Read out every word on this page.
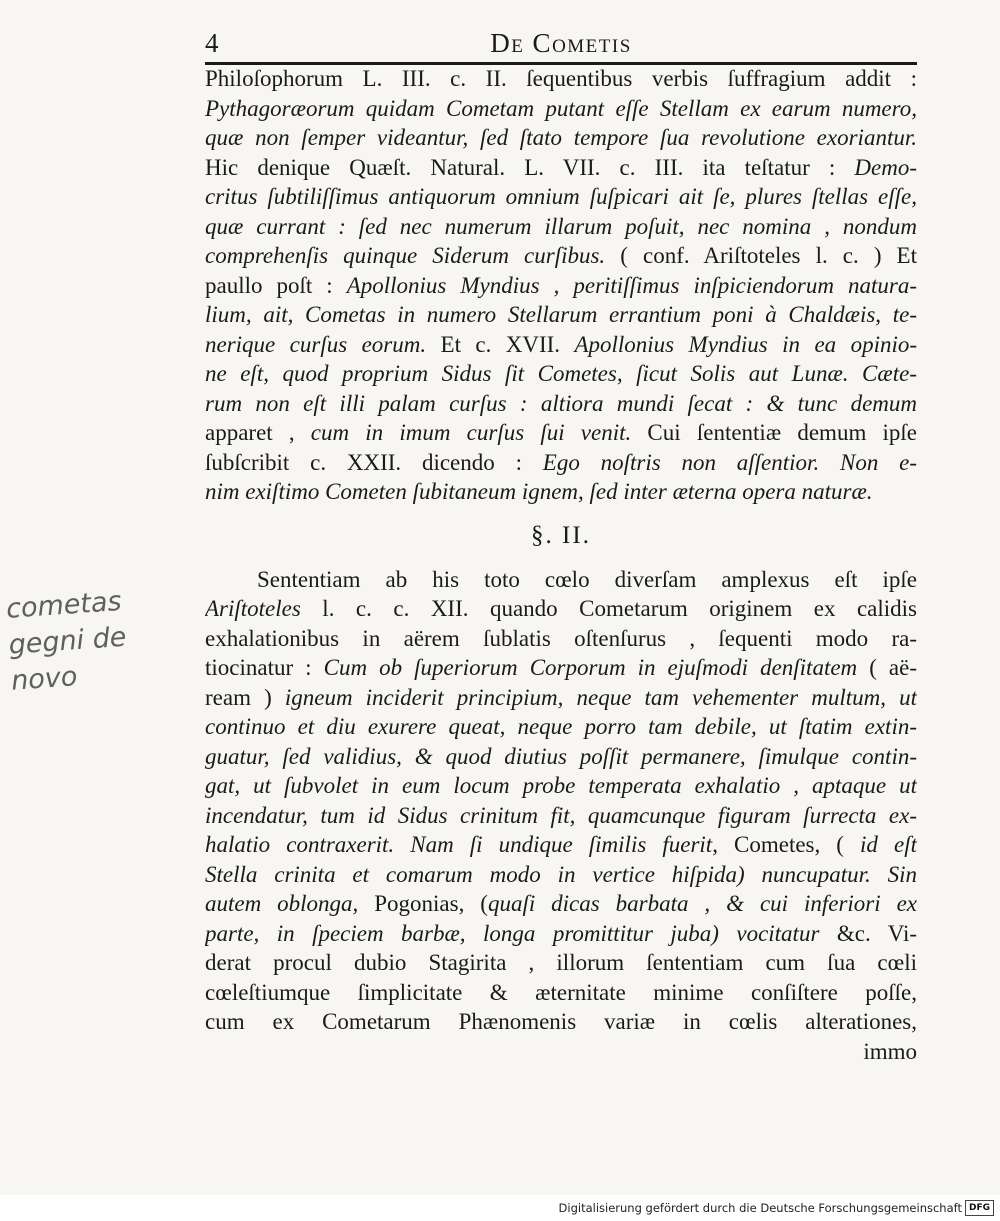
4	De Cometis
cometas gegni de novo
Philoſophorum L. III. c. II. ſequentibus verbis ſuffragium addit :
Pythagoræorum quidam Cometam putant eſſe Stellam ex earum numero,
quæ non ſemper videantur, ſed ſtato tempore ſua revolutione exoriantur.
Hic denique Quæſt. Natural. L. VII. c. III. ita teſtatur : Demo-
critus ſubtiliſſimus antiquorum omnium ſuſpicari ait ſe, plures ſtellas eſſe,
quæ currant : ſed nec numerum illarum poſuit, nec nomina , nondum
comprehenſis quinque Siderum curſibus. ( conf. Ariſtoteles l. c. ) Et
paullo poſt : Apollonius Myndius , peritiſſimus inſpiciendorum natura-
lium, ait, Cometas in numero Stellarum errantium poni à Chaldæis, te-
nerique curſus eorum. Et c. XVII. Apollonius Myndius in ea opinio-
ne eſt, quod proprium Sidus ſit Cometes, ſicut Solis aut Lunæ. Cæte-
rum non eſt illi palam curſus : altiora mundi ſecat : & tunc demum
apparet , cum in imum curſus ſui venit. Cui ſententiæ demum ipſe
ſubſcribit c. XXII. dicendo : Ego noſtris non aſſentior. Non e-
nim exiſtimo Cometen ſubitaneum ignem, ſed inter æterna opera naturæ.
§. II.
Sententiam ab his toto cœlo diverſam amplexus eſt ipſe
Ariſtoteles l. c. c. XII. quando Cometarum originem ex calidis
exhalationibus in aërem ſublatis oſtenſurus , ſequenti modo ra-
tiocinatur : Cum ob ſuperiorum Corporum in ejuſmodi denſitatem ( aë-
ream ) igneum inciderit principium, neque tam vehementer multum, ut
continuo et diu exurere queat, neque porro tam debile, ut ſtatim extin-
guatur, ſed validius, & quod diutius poſſit permanere, ſimulque contin-
gat, ut ſubvolet in eum locum probe temperata exhalatio , aptaque ut
incendatur, tum id Sidus crinitum fit, quamcunque figuram ſurrecta ex-
halatio contraxerit. Nam ſi undique ſimilis fuerit, Cometes, ( id eſt
Stella crinita et comarum modo in vertice hiſpida) nuncupatur. Sin
autem oblonga, Pogonias, (quaſi dicas barbata , & cui inferiori ex
parte, in ſpeciem barbæ, longa promittitur juba) vocitatur &c. Vi-
derat procul dubio Stagirita , illorum ſententiam cum ſua cœli
cœleſtiumque ſimplicitate & æternitate minime conſiſtere poſſe,
cum ex Cometarum Phænomenis variæ in cœlis alterationes,
immo
Digitalisierung gefördert durch die Deutsche Forschungsgemeinschaft DFG
